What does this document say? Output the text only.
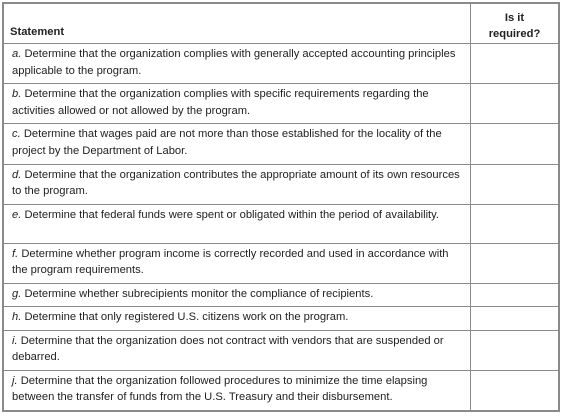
Statement	Is it
required?

a. Determine that the organization complies with generally accepted accounting principles applicable to the program.	

b. Determine that the organization complies with specific requirements regarding the activities allowed or not allowed by the program.	

c. Determine that wages paid are not more than those established for the locality of the project by the Department of Labor.	

d. Determine that the organization contributes the appropriate amount of its own resources to the program.	

e. Determine that federal funds were spent or obligated within the period of availability.	

f. Determine whether program income is correctly recorded and used in accordance with the program requirements.	

g. Determine whether subrecipients monitor the compliance of recipients.	

h. Determine that only registered U.S. citizens work on the program.	

i. Determine that the organization does not contract with vendors that are suspended or debarred.	

j. Determine that the organization followed procedures to minimize the time elapsing between the transfer of funds from the U.S. Treasury and their disbursement.	
